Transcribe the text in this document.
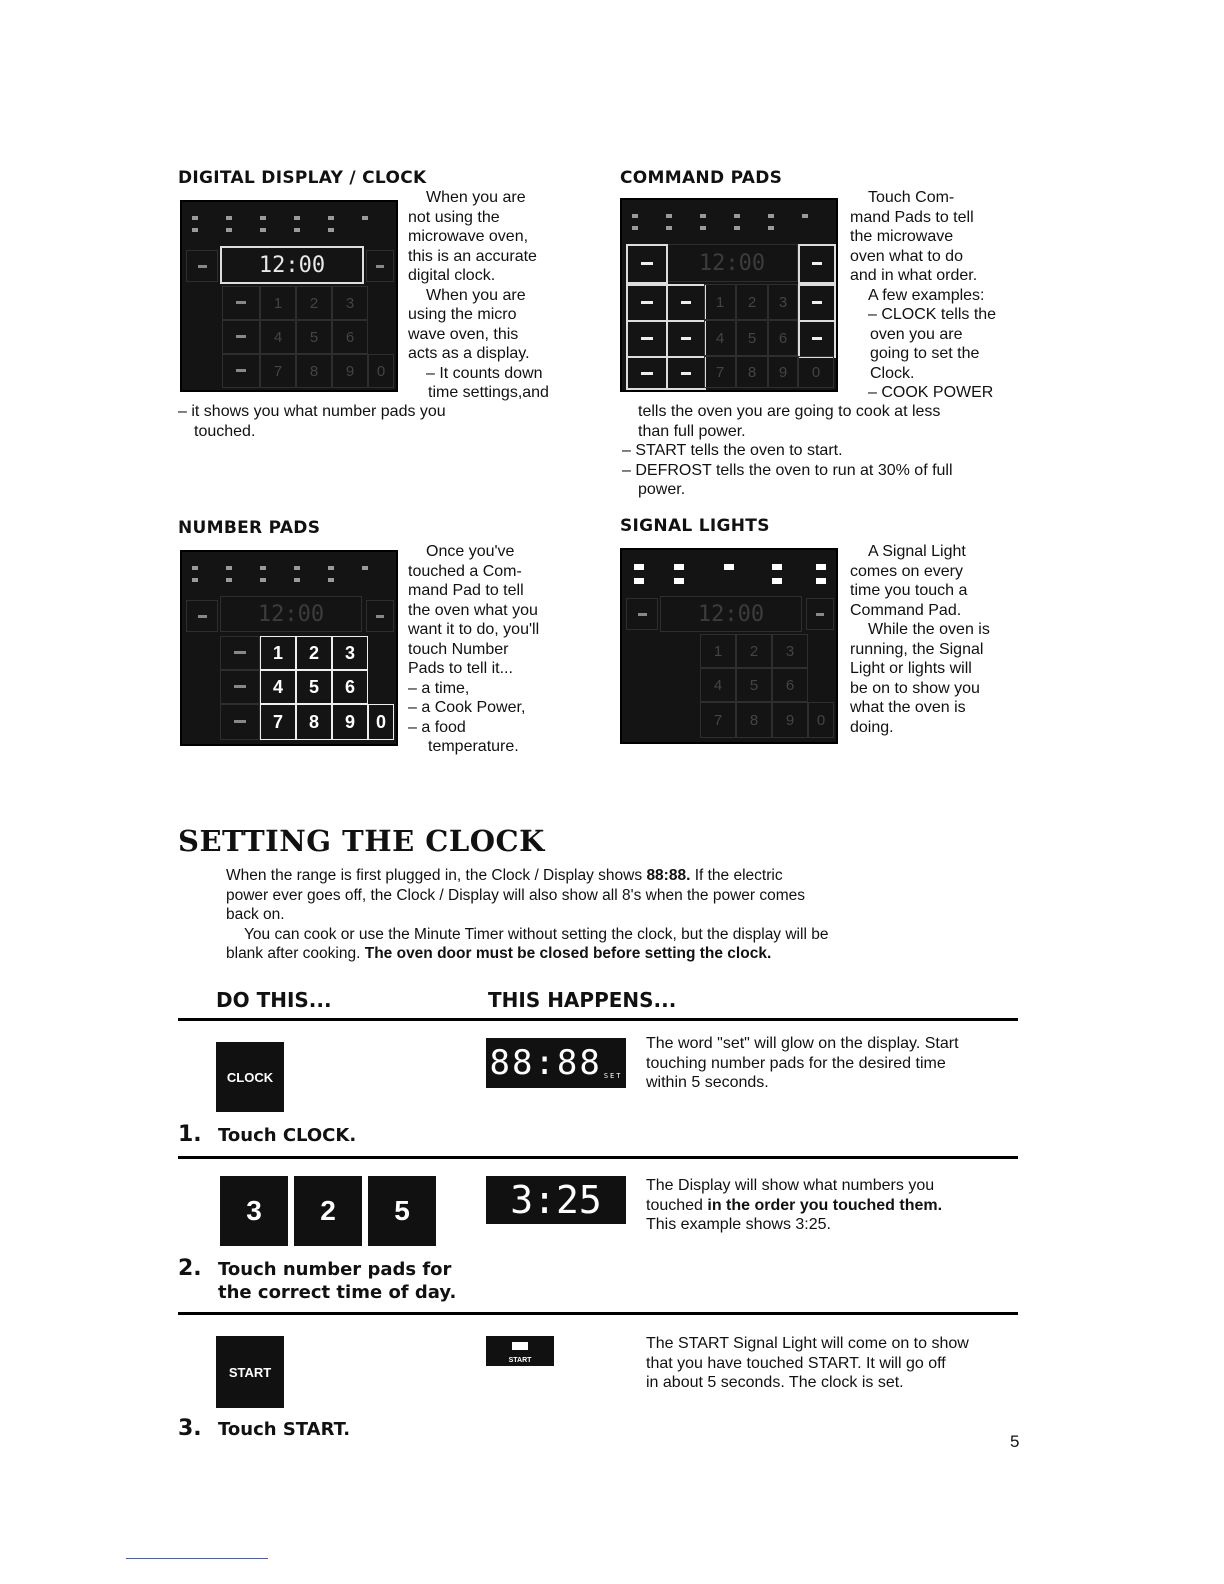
DIGITAL DISPLAY / CLOCK
12:00
1	2	3
4	5	6
7	8	9	0
When you are
not using the
microwave oven,
this is an accurate
digital clock.
When you are
using the micro
wave oven, this
acts as a display.
– It counts down
time settings,and
– it shows you what number pads you
touched.
COMMAND PADS
12:00
1	2	3
4	5	6
7	8	9	0
Touch Com-
mand Pads to tell
the microwave
oven what to do
and in what order.
A few examples:
– CLOCK tells the
oven you are
going to set the
Clock.
– COOK POWER
tells the oven you are going to cook at less
than full power.
– START tells the oven to start.
– DEFROST tells the oven to run at 30% of full
power.
NUMBER PADS
12:00
1	2	3
4	5	6
7	8	9	0
Once you've
touched a Com-
mand Pad to tell
the oven what you
want it to do, you'll
touch Number
Pads to tell it...
– a time,
– a Cook Power,
– a food
temperature.
SIGNAL LIGHTS
12:00
1	2	3
4	5	6
7	8	9	0
A Signal Light
comes on every
time you touch a
Command Pad.
While the oven is
running, the Signal
Light or lights will
be on to show you
what the oven is
doing.
SETTING THE CLOCK
When the range is first plugged in, the Clock / Display shows 88:88. If the electric
power ever goes off, the Clock / Display will also show all 8's when the power comes
back on.
You can cook or use the Minute Timer without setting the clock, but the display will be
blank after cooking. The oven door must be closed before setting the clock.
DO THIS...	THIS HAPPENS...
CLOCK
1. Touch CLOCK.
88:88 SET
The word "set" will glow on the display. Start
touching number pads for the desired time
within 5 seconds.
3	2	5
2. Touch number pads for
the correct time of day.
3:25	The Display will show what numbers you
touched in the order you touched them.
This example shows 3:25.
START
3. Touch START.
START
The START Signal Light will come on to show
that you have touched START. It will go off
in about 5 seconds. The clock is set.
5
